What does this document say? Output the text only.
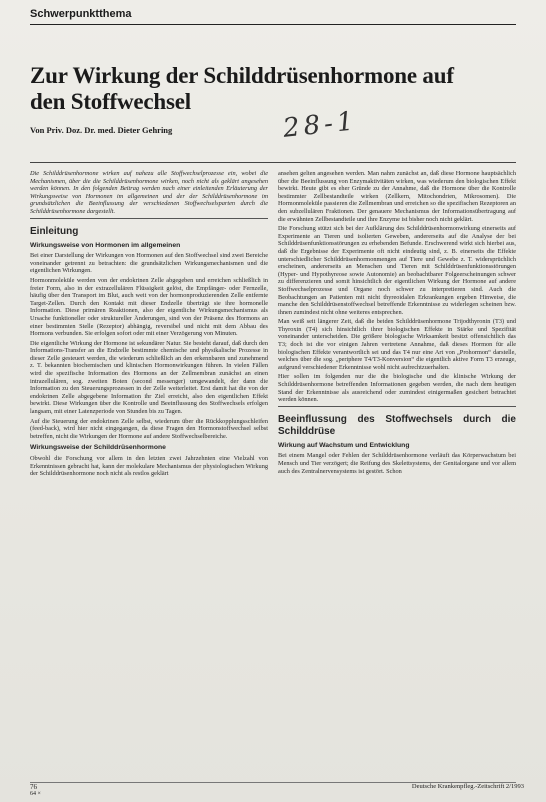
Schwerpunktthema
Zur Wirkung der Schilddrüsenhormone auf den Stoffwechsel
Von Priv. Doz. Dr. med. Dieter Gehring	28-1

Die Schilddrüsenhormone wirken auf nahezu alle Stoffwechselprozesse ein, wobei die Mechanismen, über die die Schilddrüsenhormone wirken, noch nicht als geklärt angesehen werden können. In den folgenden Beitrag werden nach einer einleitenden Erläuterung der Wirkungsweise von Hormonen im allgemeinen und der der Schilddrüsenhormone im grundsätzlichen die Beeinflussung der verschiedenen Stoffwechselsparten durch die Schilddrüsenhormone dargestellt.

Einleitung
Wirkungsweise von Hormonen im allgemeinen

Bei einer Darstellung der Wirkungen von Hormonen auf den Stoffwechsel sind zwei Bereiche voneinander getrennt zu betrachten: die grundsätzlichen Wirkungsmechanismen und die eigentlichen Wirkungen.

Hormonmoleküle werden von der endokrinen Zelle abgegeben und erreichen schließlich in freier Form, also in der extrazellulären Flüssigkeit gelöst, die Empfänger- oder Fernzelle, häufig über den Transport im Blut, auch weit von der hormonproduzierenden Zelle entfernte Target-Zellen. Durch den Kontakt mit dieser Endzelle überträgt sie ihre hormonelle Information. Diese primären Reaktionen, also der eigentliche Wirkungsmechanismus als Ursache funktioneller oder struktureller Änderungen, sind von der Präsenz des Hormons an einer bestimmten Stelle (Rezeptor) abhängig, reversibel und nicht mit dem Abbau des Hormons verbunden. Sie erfolgen sofort oder mit einer Verzögerung von Minuten.

Die eigentliche Wirkung der Hormone ist sekundärer Natur. Sie besteht darauf, daß durch den Informations-Transfer an die Endzelle bestimmte chemische und physikalische Prozesse in dieser Zelle gesteuert werden, die wiederum schließlich an den erkennbaren und zunehmend z. T. bekannten biochemischen und klinischen Hormonwirkungen führen. In vielen Fällen wird die spezifische Information des Hormons an der Zellmembran zunächst an einen intrazellulären, sog. zweiten Boten (second messenger) umgewandelt, der dann die Information zu den Steuerungsprozessen in der Zelle weiterleitet. Erst damit hat die von der endokrinen Zelle abgegebene Information ihr Ziel erreicht, also den eigentlichen Effekt bewirkt. Diese Wirkungen über die Kontrolle und Beeinflussung des Stoffwechsels erfolgen langsam, mit einer Latenzperiode von Stunden bis zu Tagen.

Auf die Steuerung der endokrinen Zelle selbst, wiederum über die Rückkopplungsschleifen (feed-back), wird hier nicht eingegangen, da diese Fragen den Hormonstoffwechsel selbst betreffen, nicht die Wirkungen der Hormone auf andere Stoffwechselbereiche.

Wirkungsweise der Schilddrüsenhormone

Obwohl die Forschung vor allem in den letzten zwei Jahrzehnten eine Vielzahl von Erkenntnissen gebracht hat, kann der molekulare Mechanismus der physiologischen Wirkung der Schilddrüsenhormone noch nicht als restlos geklärt

ansehen gelten angesehen werden. Man nahm zunächst an, daß diese Hormone hauptsächlich über die Beeinflussung von Enzymaktivitäten wirken, was wiederum den biologischen Effekt bewirkt. Heute gibt es eher Gründe zu der Annahme, daß die Hormone über die Kontrolle bestimmter Zellbestandteile wirken (Zellkern, Mitochondrien, Mikrosomen). Die Hormonmoleküle passieren die Zellmembran und erreichen so die spezifischen Rezeptoren an den subzellulären Fraktionen. Der genauere Mechanismus der Informationsübertragung auf die erwähnten Zellbestandteile und ihre Enzyme ist bisher noch nicht geklärt.

Die Forschung stützt sich bei der Aufklärung des Schilddrüsenhormonwirkung einerseits auf Experimente an Tieren und isolierten Geweben, andererseits auf die Analyse der bei Schilddrüsenfunktionsstörungen zu erhebenden Befunde. Erschwerend wirkt sich hierbei aus, daß die Ergebnisse der Experimente oft nicht eindeutig sind, z. B. einerseits die Effekte unterschiedlicher Schilddrüsenhormonmengen auf Tiere und Gewebe z. T. widersprüchlich erscheinen, andererseits an Menschen und Tieren mit Schilddrüsenfunktionsstörungen (Hyper- und Hypothyreose sowie Autonomie) an beobachtbarer Folgeerscheinungen schwer zu differenzieren und somit hinsichtlich der eigentlichen Wirkung der Hormone auf andere Stoffwechselprozesse und Organe noch schwer zu interpretieren sind. Auch die Beobachtungen an Patienten mit nicht thyreoidalen Erkrankungen ergeben Hinweise, die manche den Schilddrüsenstoffwechsel betreffende Erkenntnisse zu widerlegen scheinen bzw. ihnen zumindest nicht ohne weiteres entsprechen.

Man weiß seit längerer Zeit, daß die beiden Schilddrüsenhormone Trijodthyronin (T3) und Thyroxin (T4) sich hinsichtlich ihrer biologischen Effekte in Stärke und Spezifität voneinander unterscheiden. Die größere biologische Wirksamkeit besitzt offensichtlich das T3; doch ist die vor einigen Jahren vertretene Annahme, daß dieses Hormon für alle biologischen Effekte verantwortlich sei und das T4 nur eine Art von „Prohormon“ darstelle, welches über die sog. „periphere T4/T3-Konversion“ die eigentlich aktive Form T3 erzeuge, aufgrund verschiedener Erkenntnisse wohl nicht aufrechtzuerhalten.

Hier sollen im folgenden nur die die biologische und die klinische Wirkung der Schilddrüsenhormone betreffenden Informationen gegeben werden, die nach dem heutigen Stand der Erkenntnisse als ausreichend oder zumindest einigermaßen gesichert betrachtet werden können.

Beeinflussung des Stoffwechsels durch die Schilddrüse
Wirkung auf Wachstum und Entwicklung

Bei einem Mangel oder Fehlen der Schilddrüsenhormone verläuft das Körperwachstum bei Mensch und Tier verzögert; die Reifung des Skelettsystems, der Genitalorgane und vor allem auch des Zentralnervensystems ist gestört. Schon

76
64 ×
Deutsche Krankenpfleg.-Zeitschrift 2/1993
